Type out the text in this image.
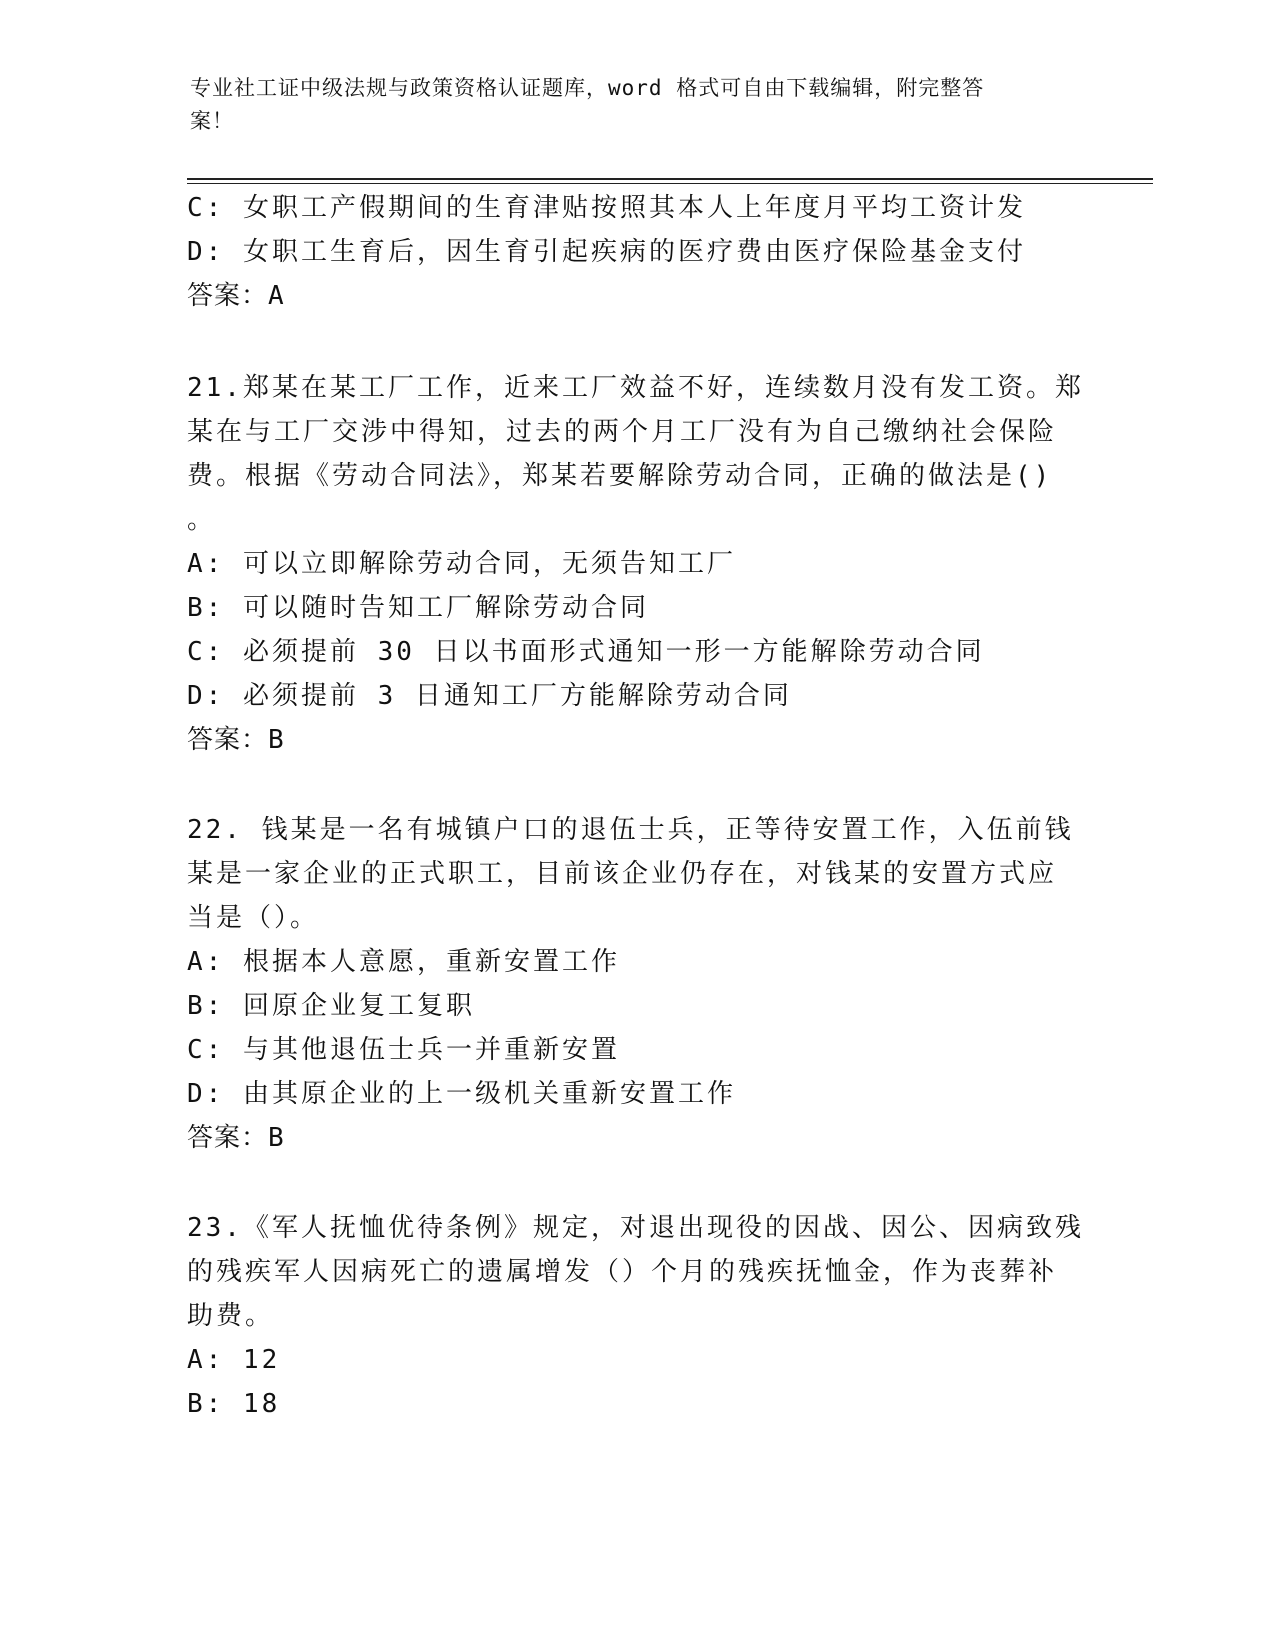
专业社工证中级法规与政策资格认证题库，word 格式可自由下载编辑，附完整答
案！
C: 女职工产假期间的生育津贴按照其本人上年度月平均工资计发
D: 女职工生育后，因生育引起疾病的医疗费由医疗保险基金支付
答案：A
21.郑某在某工厂工作，近来工厂效益不好，连续数月没有发工资。郑
某在与工厂交涉中得知，过去的两个月工厂没有为自己缴纳社会保险
费。根据《劳动合同法》，郑某若要解除劳动合同，正确的做法是()
。
A: 可以立即解除劳动合同，无须告知工厂
B: 可以随时告知工厂解除劳动合同
C: 必须提前 30 日以书面形式通知一形一方能解除劳动合同
D: 必须提前 3 日通知工厂方能解除劳动合同
答案：B
22. 钱某是一名有城镇户口的退伍士兵，正等待安置工作，入伍前钱
某是一家企业的正式职工，目前该企业仍存在，对钱某的安置方式应
当是（）。
A: 根据本人意愿，重新安置工作
B: 回原企业复工复职
C: 与其他退伍士兵一并重新安置
D: 由其原企业的上一级机关重新安置工作
答案：B
23.《军人抚恤优待条例》规定，对退出现役的因战、因公、因病致残
的残疾军人因病死亡的遗属增发（）个月的残疾抚恤金，作为丧葬补
助费。
A: 12
B: 18
